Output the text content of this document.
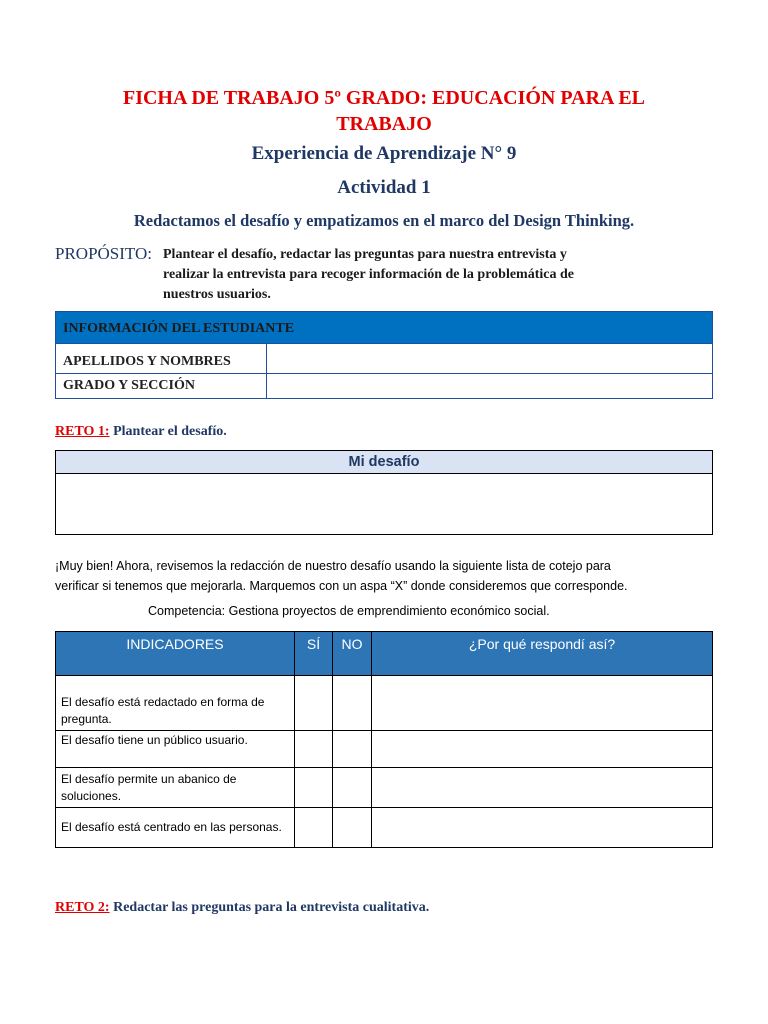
FICHA DE TRABAJO 5º GRADO: EDUCACIÓN PARA EL
TRABAJO
Experiencia de Aprendizaje N° 9
Actividad 1
Redactamos el desafío y empatizamos en el marco del Design Thinking.
PROPÓSITO: Plantear el desafío, redactar las preguntas para nuestra entrevista y
realizar la entrevista para recoger información de la problemática de
nuestros usuarios.
INFORMACIÓN DEL ESTUDIANTE	
APELLIDOS Y NOMBRES	
GRADO Y SECCIÓN	
RETO 1: Plantear el desafío.
Mi desafío

¡Muy bien! Ahora, revisemos la redacción de nuestro desafío usando la siguiente lista de cotejo para
verificar si tenemos que mejorarla. Marquemos con un aspa “X” donde consideremos que corresponde.
Competencia: Gestiona proyectos de emprendimiento económico social.
INDICADORES	SÍ	NO	¿Por qué respondí así?
El desafío está redactado en forma de pregunta.			
El desafío tiene un público usuario.			
El desafío permite un abanico de soluciones.			
El desafío está centrado en las personas.			
RETO 2: Redactar las preguntas para la entrevista cualitativa.
